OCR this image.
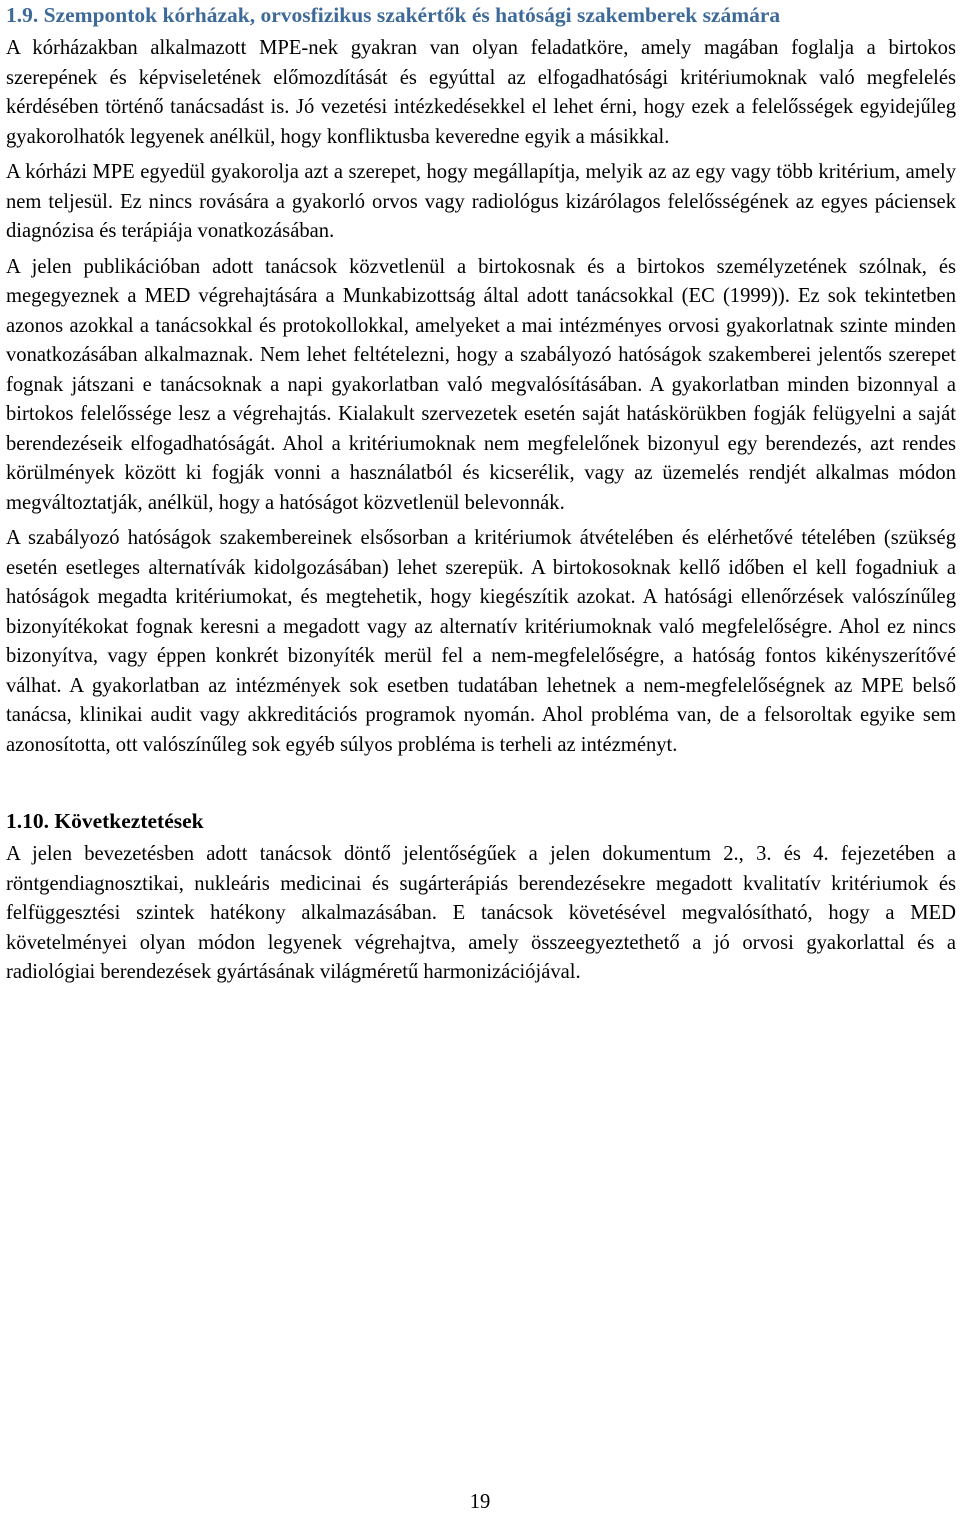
1.9. Szempontok kórházak, orvosfizikus szakértők és hatósági szakemberek számára

A kórházakban alkalmazott MPE-nek gyakran van olyan feladatköre, amely magában foglalja a birtokos szerepének és képviseletének előmozdítását és egyúttal az elfogadhatósági kritériumoknak való megfelelés kérdésében történő tanácsadást is. Jó vezetési intézkedésekkel el lehet érni, hogy ezek a felelősségek egyidejűleg gyakorolhatók legyenek anélkül, hogy konfliktusba keveredne egyik a másikkal.

A kórházi MPE egyedül gyakorolja azt a szerepet, hogy megállapítja, melyik az az egy vagy több kritérium, amely nem teljesül. Ez nincs rovására a gyakorló orvos vagy radiológus kizárólagos felelősségének az egyes páciensek diagnózisa és terápiája vonatkozásában.

A jelen publikációban adott tanácsok közvetlenül a birtokosnak és a birtokos személyzetének szólnak, és megegyeznek a MED végrehajtására a Munkabizottság által adott tanácsokkal (EC (1999)). Ez sok tekintetben azonos azokkal a tanácsokkal és protokollokkal, amelyeket a mai intézményes orvosi gyakorlatnak szinte minden vonatkozásában alkalmaznak. Nem lehet feltételezni, hogy a szabályozó hatóságok szakemberei jelentős szerepet fognak játszani e tanácsoknak a napi gyakorlatban való megvalósításában. A gyakorlatban minden bizonnyal a birtokos felelőssége lesz a végrehajtás. Kialakult szervezetek esetén saját hatáskörükben fogják felügyelni a saját berendezéseik elfogadhatóságát. Ahol a kritériumoknak nem megfelelőnek bizonyul egy berendezés, azt rendes körülmények között ki fogják vonni a használatból és kicserélik, vagy az üzemelés rendjét alkalmas módon megváltoztatják, anélkül, hogy a hatóságot közvetlenül belevonnák.

A szabályozó hatóságok szakembereinek elsősorban a kritériumok átvételében és elérhetővé tételében (szükség esetén esetleges alternatívák kidolgozásában) lehet szerepük. A birtokosoknak kellő időben el kell fogadniuk a hatóságok megadta kritériumokat, és megtehetik, hogy kiegészítik azokat. A hatósági ellenőrzések valószínűleg bizonyítékokat fognak keresni a megadott vagy az alternatív kritériumoknak való megfelelőségre. Ahol ez nincs bizonyítva, vagy éppen konkrét bizonyíték merül fel a nem-megfelelőségre, a hatóság fontos kikényszerítővé válhat. A gyakorlatban az intézmények sok esetben tudatában lehetnek a nem-megfelelőségnek az MPE belső tanácsa, klinikai audit vagy akkreditációs programok nyomán. Ahol probléma van, de a felsoroltak egyike sem azonosította, ott valószínűleg sok egyéb súlyos probléma is terheli az intézményt.

1.10. Következtetések

A jelen bevezetésben adott tanácsok döntő jelentőségűek a jelen dokumentum 2., 3. és 4. fejezetében a röntgendiagnosztikai, nukleáris medicinai és sugárterápiás berendezésekre megadott kvalitatív kritériumok és felfüggesztési szintek hatékony alkalmazásában. E tanácsok követésével megvalósítható, hogy a MED követelményei olyan módon legyenek végrehajtva, amely összeegyeztethető a jó orvosi gyakorlattal és a radiológiai berendezések gyártásának világméretű harmonizációjával.

19
